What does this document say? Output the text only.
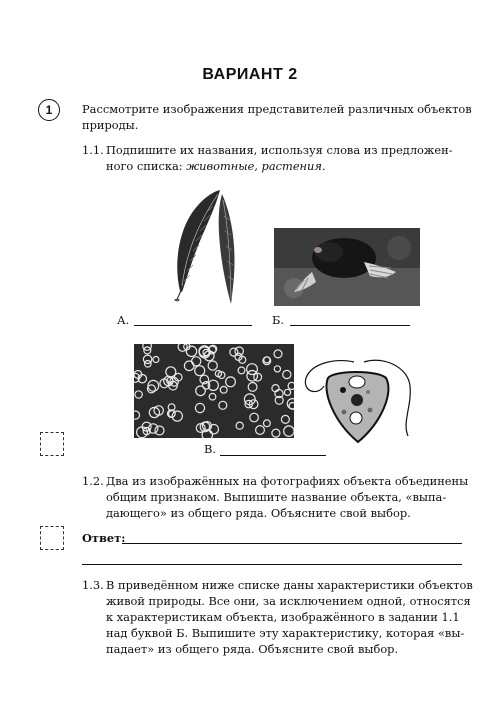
ВАРИАНТ 2
1	Рассмотрите изображения представителей различных объектов
природы.
1.1. Подпишите их названия, используя слова из предложен-
ного списка: животные, растения.
А.	Б.
В.
1.2. Два из изображённых на фотографиях объекта объединены
общим признаком. Выпишите название объекта, «выпа-
дающего» из общего ряда. Объясните свой выбор.
Ответ:
1.3. В приведённом ниже списке даны характеристики объектов
живой природы. Все они, за исключением одной, относятся
к характеристикам объекта, изображённого в задании 1.1
над буквой Б. Выпишите эту характеристику, которая «вы-
падает» из общего ряда. Объясните свой выбор.
